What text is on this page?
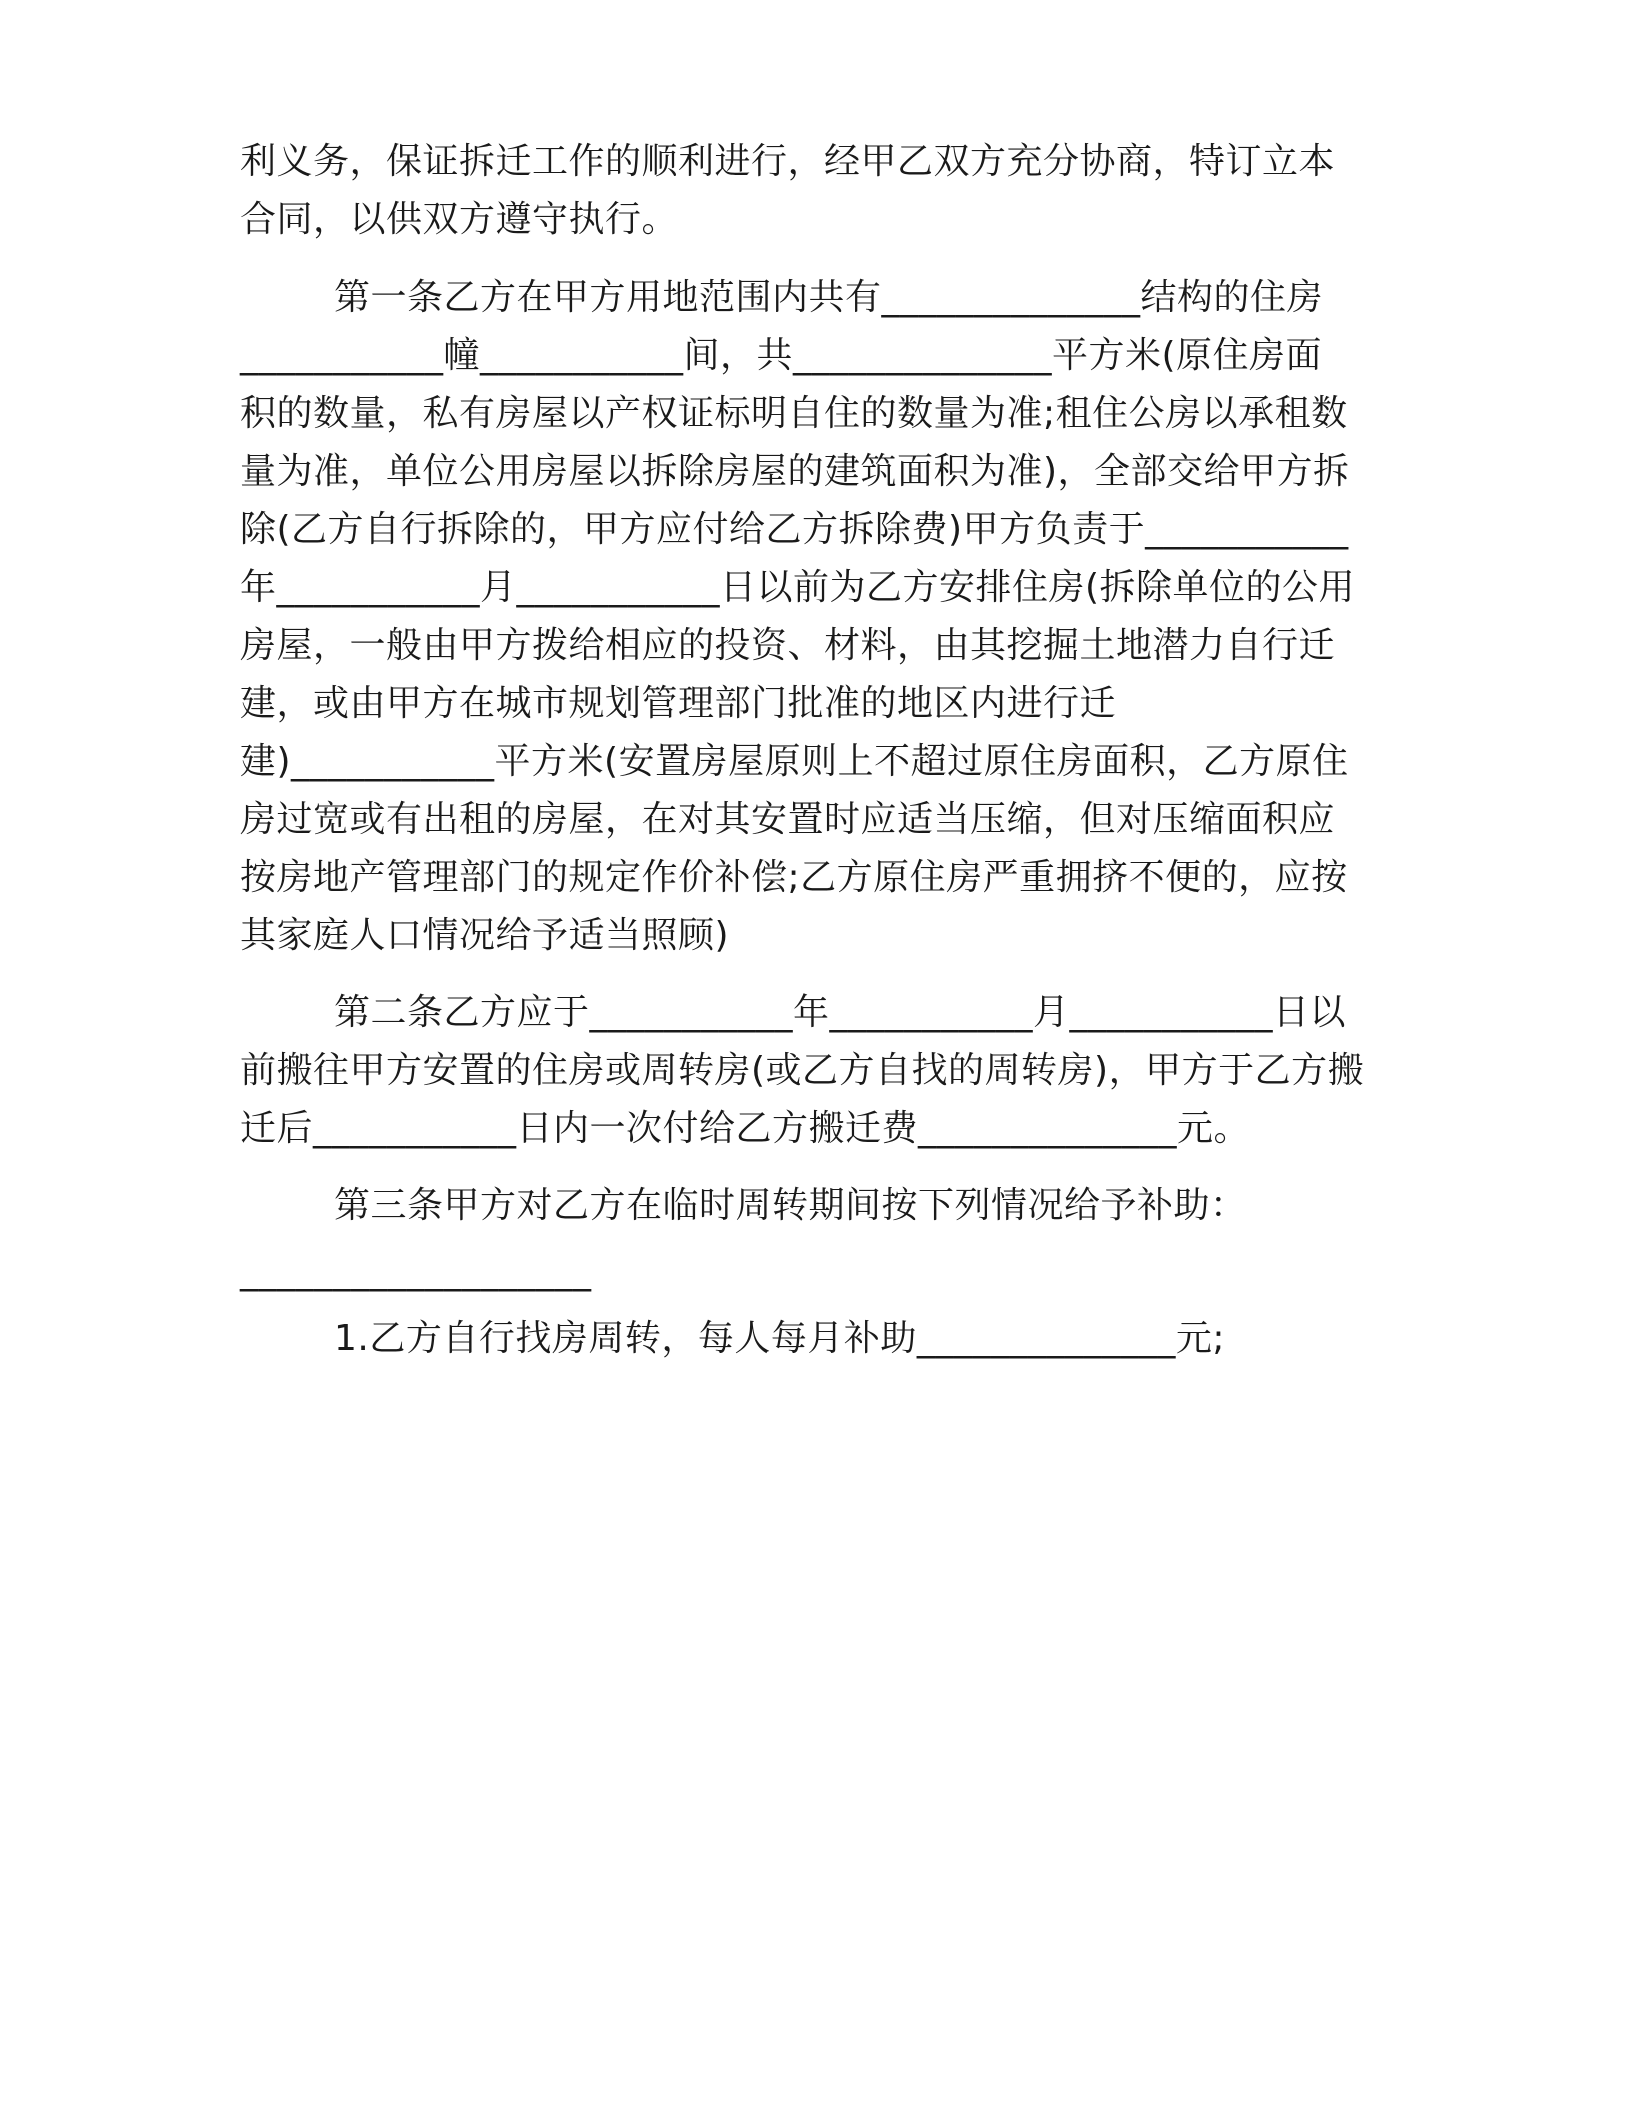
利义务，保证拆迁工作的顺利进行，经甲乙双方充分协商，特订立本
合同，以供双方遵守执行。
第一条乙方在甲方用地范围内共有______________结构的住房
___________幢___________间，共______________平方米(原住房面
积的数量，私有房屋以产权证标明自住的数量为准;租住公房以承租数
量为准，单位公用房屋以拆除房屋的建筑面积为准)，全部交给甲方拆
除(乙方自行拆除的，甲方应付给乙方拆除费)甲方负责于___________
年___________月___________日以前为乙方安排住房(拆除单位的公用
房屋，一般由甲方拨给相应的投资、材料，由其挖掘土地潜力自行迁
建，或由甲方在城市规划管理部门批准的地区内进行迁
建)___________平方米(安置房屋原则上不超过原住房面积，乙方原住
房过宽或有出租的房屋，在对其安置时应适当压缩，但对压缩面积应
按房地产管理部门的规定作价补偿;乙方原住房严重拥挤不便的，应按
其家庭人口情况给予适当照顾)
第二条乙方应于___________年___________月___________日以
前搬往甲方安置的住房或周转房(或乙方自找的周转房)，甲方于乙方搬
迁后___________日内一次付给乙方搬迁费______________元。
第三条甲方对乙方在临时周转期间按下列情况给予补助：
___________________
1.乙方自行找房周转，每人每月补助______________元;
